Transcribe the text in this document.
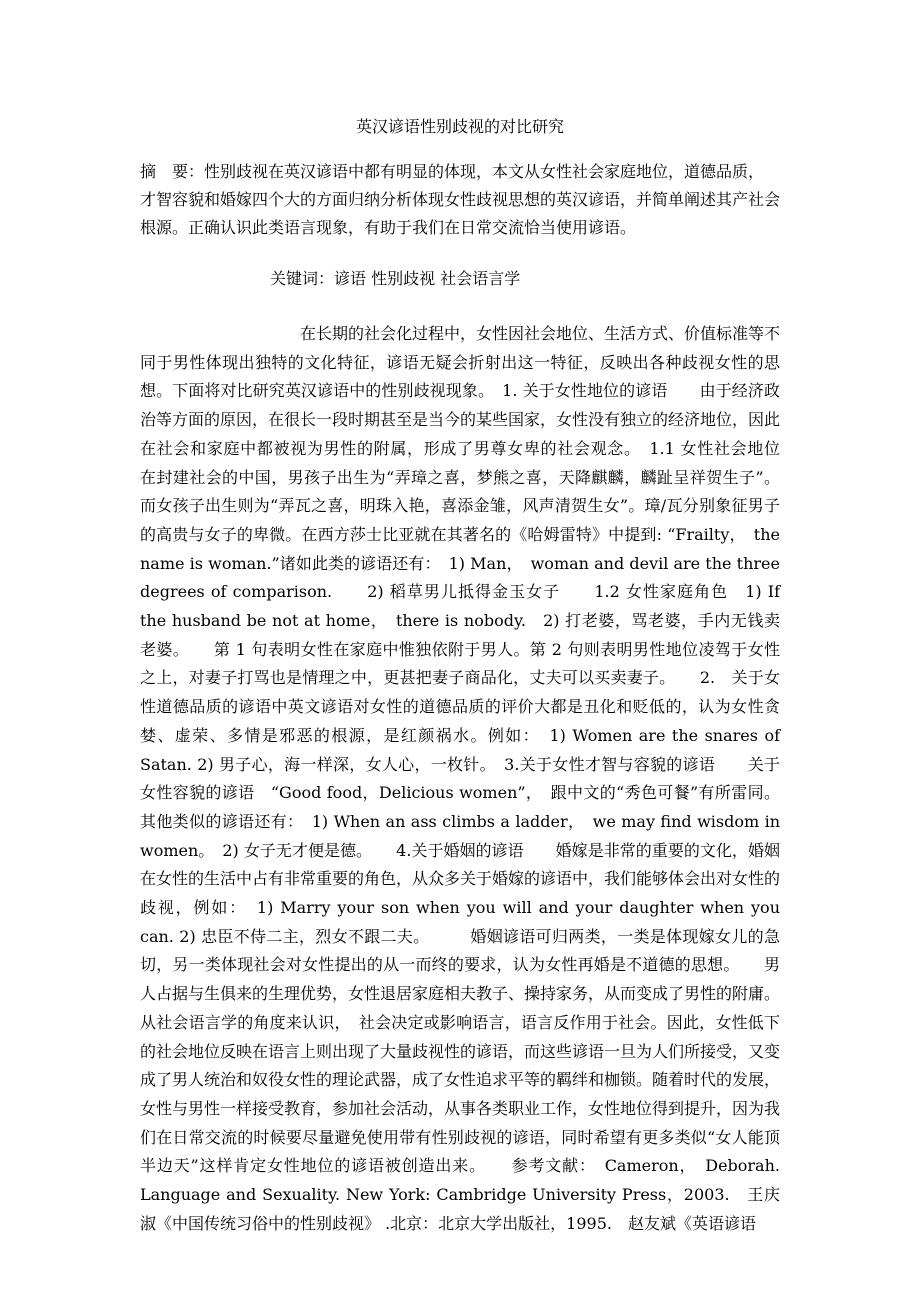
英汉谚语性别歧视的对比研究
摘　要：性别歧视在英汉谚语中都有明显的体现，本文从女性社会家庭地位，道德品质，才智容貌和婚嫁四个大的方面归纳分析体现女性歧视思想的英汉谚语，并简单阐述其产社会根源。正确认识此类语言现象，有助于我们在日常交流恰当使用谚语。
关键词：谚语 性别歧视 社会语言学
在长期的社会化过程中，女性因社会地位、生活方式、价值标准等不同于男性体现出独特的文化特征，谚语无疑会折射出这一特征，反映出各种歧视女性的思想。下面将对比研究英汉谚语中的性别歧视现象。　1. 关于女性地位的谚语　　由于经济政治等方面的原因，在很长一段时期甚至是当今的某些国家，女性没有独立的经济地位，因此在社会和家庭中都被视为男性的附属，形成了男尊女卑的社会观念。　1.1 女性社会地位　　在封建社会的中国，男孩子出生为“弄璋之喜，梦熊之喜，天降麒麟，麟趾呈祥贺生子”。而女孩子出生则为“弄瓦之喜，明珠入艳，喜添金雏，风声清贺生女”。璋/瓦分别象征男子的高贵与女子的卑微。在西方莎士比亚就在其著名的《哈姆雷特》中提到: “Frailty，　the name is woman.”诸如此类的谚语还有：　1) Man，　woman and devil are the three degrees of comparison.　　2) 稻草男儿抵得金玉女子　　1.2 女性家庭角色　1) If the husband be not at home，　there is nobody.　2) 打老婆，骂老婆，手内无钱卖老婆。　　第 1 句表明女性在家庭中惟独依附于男人。第 2 句则表明男性地位凌驾于女性之上，对妻子打骂也是情理之中，更甚把妻子商品化，丈夫可以买卖妻子。　　2.　关于女性道德品质的谚语中英文谚语对女性的道德品质的评价大都是丑化和贬低的，认为女性贪婪、虚荣、多情是邪恶的根源，是红颜祸水。例如：　1) Women are the snares of Satan. 2) 男子心，海一样深，女人心，一枚针。　3.关于女性才智与容貌的谚语　　关于女性容貌的谚语　“Good food，Delicious women”，　跟中文的“秀色可餐”有所雷同。其他类似的谚语还有：　1) When an ass climbs a ladder，　we may find wisdom in women。　2) 女子无才便是德。　　4.关于婚姻的谚语　　婚嫁是非常的重要的文化，婚姻在女性的生活中占有非常重要的角色，从众多关于婚嫁的谚语中，我们能够体会出对女性的歧视，例如：　1) Marry your son when you will and your daughter when you can. 2) 忠臣不侍二主，烈女不跟二夫。　　　婚姻谚语可归两类，一类是体现嫁女儿的急切，另一类体现社会对女性提出的从一而终的要求，认为女性再婚是不道德的思想。　　男人占据与生俱来的生理优势，女性退居家庭相夫教子、操持家务，从而变成了男性的附庸。从社会语言学的角度来认识，　社会决定或影响语言，语言反作用于社会。因此，女性低下的社会地位反映在语言上则出现了大量歧视性的谚语，而这些谚语一旦为人们所接受，又变成了男人统治和奴役女性的理论武器，成了女性追求平等的羁绊和枷锁。随着时代的发展，女性与男性一样接受教育，参加社会活动，从事各类职业工作，女性地位得到提升，因为我们在日常交流的时候要尽量避免使用带有性别歧视的谚语，同时希望有更多类似“女人能顶半边天”这样肯定女性地位的谚语被创造出来。　　参考文献：　Cameron，　Deborah. Language and Sexuality. New York: Cambridge University Press，2003.　王庆淑《中国传统习俗中的性别歧视》 .北京：北京大学出版社，1995.　赵友斌《英语谚语
